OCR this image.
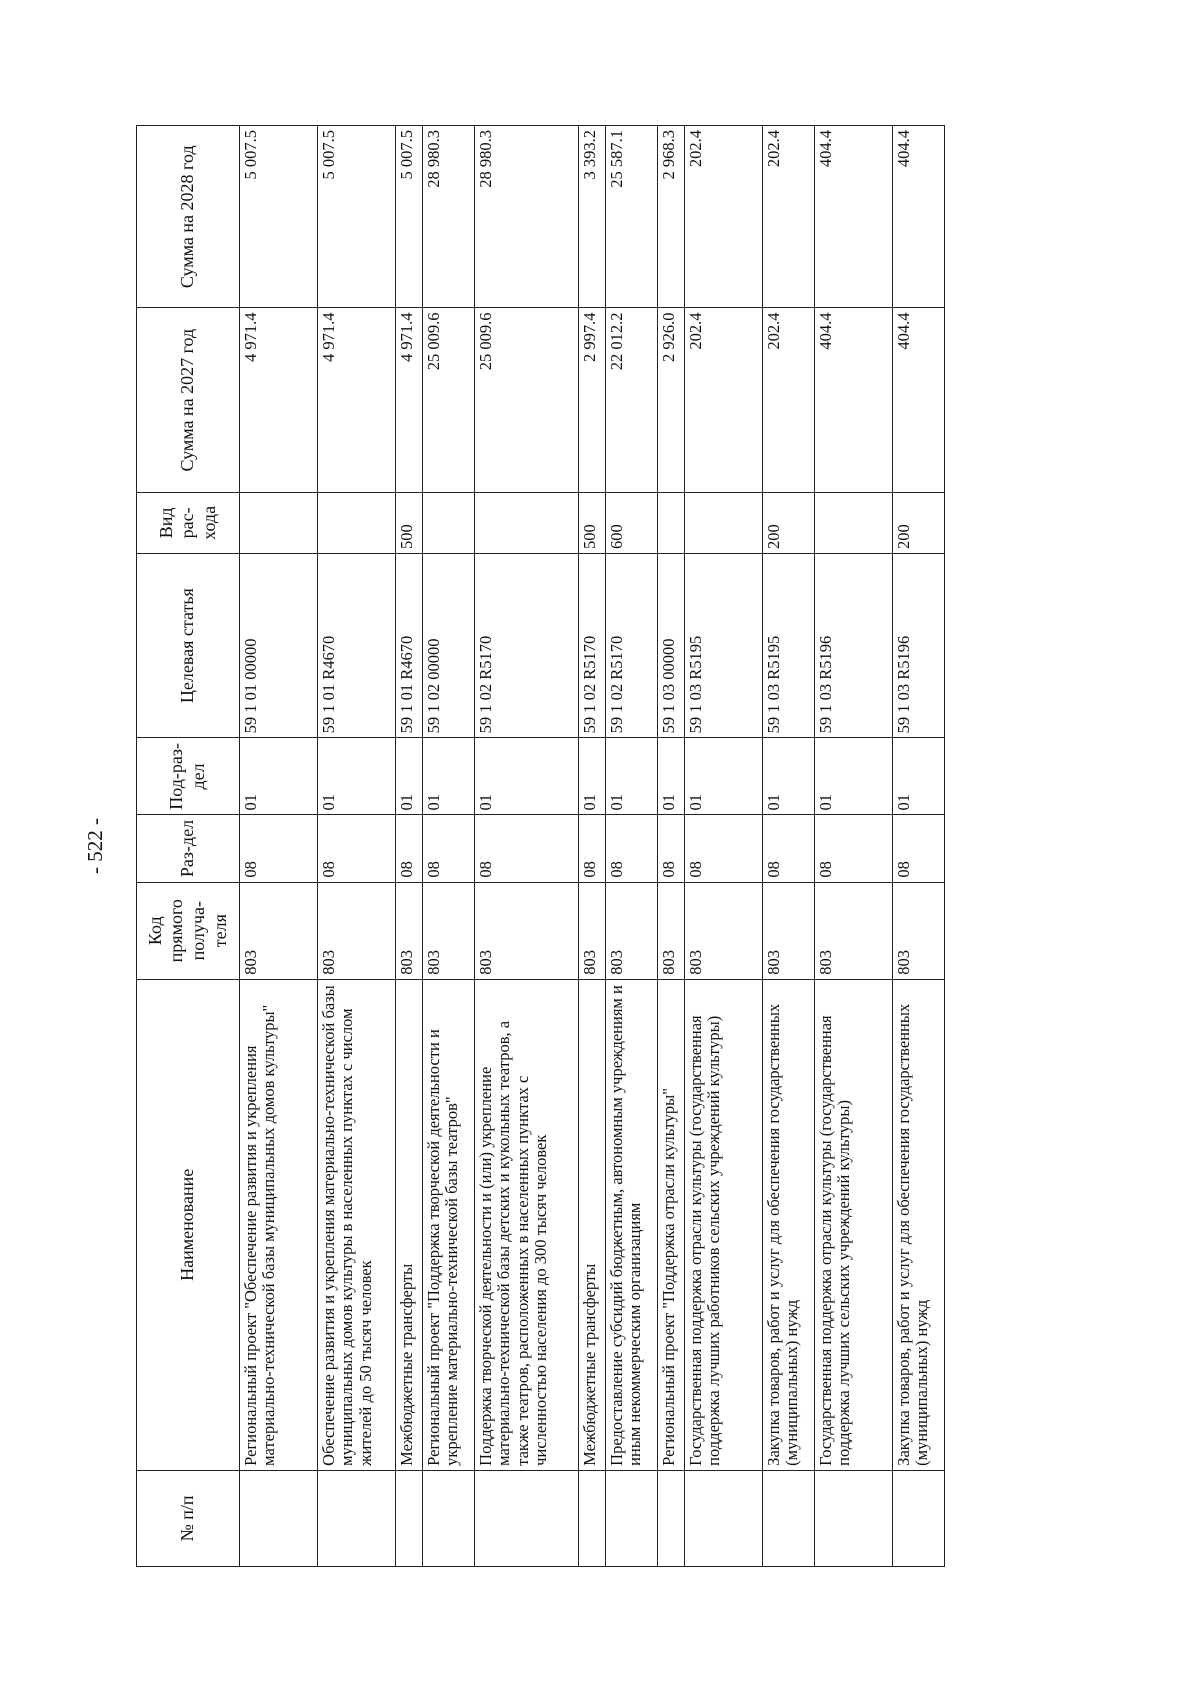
- 522 -
№ п/п	Наименование	Код прямого получа-теля	Раз-дел	Под-раз-дел	Целевая статья	Вид рас-хода	Сумма на 2027 год	Сумма на 2028 год
	Региональный проект "Обеспечение развития и укрепления материально-технической базы муниципальных домов культуры"	803	08	01	59 1 01 00000		4 971.4	5 007.5
	Обеспечение развития и укрепления материально-технической базы муниципальных домов культуры в населенных пунктах с числом жителей до 50 тысяч человек	803	08	01	59 1 01 R4670		4 971.4	5 007.5
	Межбюджетные трансферты	803	08	01	59 1 01 R4670	500	4 971.4	5 007.5
	Региональный проект "Поддержка творческой деятельности и укрепление материально-технической базы театров"	803	08	01	59 1 02 00000		25 009.6	28 980.3
	Поддержка творческой деятельности и (или) укрепление материально-технической базы детских и кукольных театров, а также театров, расположенных в населенных пунктах с численностью населения до 300 тысяч человек	803	08	01	59 1 02 R5170		25 009.6	28 980.3
	Межбюджетные трансферты	803	08	01	59 1 02 R5170	500	2 997.4	3 393.2
	Предоставление субсидий бюджетным, автономным учреждениям и иным некоммерческим организациям	803	08	01	59 1 02 R5170	600	22 012.2	25 587.1
	Региональный проект "Поддержка отрасли культуры"	803	08	01	59 1 03 00000		2 926.0	2 968.3
	Государственная поддержка отрасли культуры (государственная поддержка лучших работников сельских учреждений культуры)	803	08	01	59 1 03 R5195		202.4	202.4
	Закупка товаров, работ и услуг для обеспечения государственных (муниципальных) нужд	803	08	01	59 1 03 R5195	200	202.4	202.4
	Государственная поддержка отрасли культуры (государственная поддержка лучших сельских учреждений культуры)	803	08	01	59 1 03 R5196		404.4	404.4
	Закупка товаров, работ и услуг для обеспечения государственных (муниципальных) нужд	803	08	01	59 1 03 R5196	200	404.4	404.4
